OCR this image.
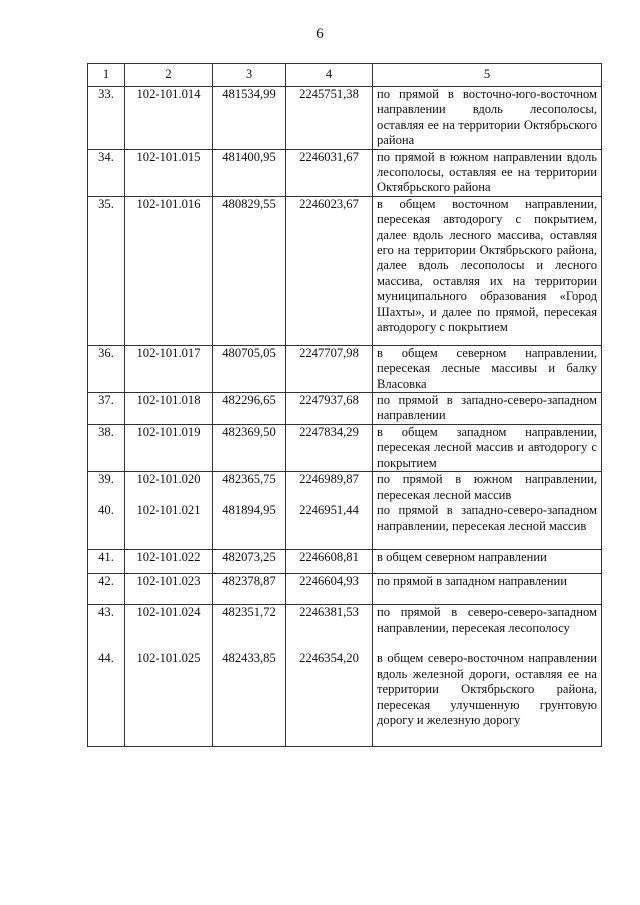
6
1	2	3	4	5
33.	102-101.014	481534,99	2245751,38	по прямой в восточно-юго-восточном направлении вдоль лесополосы, оставляя ее на территории Октябрьского района
34.	102-101.015	481400,95	2246031,67	по прямой в южном направлении вдоль лесополосы, оставляя ее на территории Октябрьского района
35.	102-101.016	480829,55	2246023,67	в общем восточном направлении, пересекая автодорогу с покрытием, далее вдоль лесного массива, оставляя его на территории Октябрьского района, далее вдоль лесополосы и лесного массива, оставляя их на территории муниципального образования «Город Шахты», и далее по прямой, пересекая автодорогу с покрытием
36.	102-101.017	480705,05	2247707,98	в общем северном направлении, пересекая лесные массивы и балку Власовка
37.	102-101.018	482296,65	2247937,68	по прямой в западно-северо-западном направлении
38.	102-101.019	482369,50	2247834,29	в общем западном направлении, пересекая лесной массив и автодорогу с покрытием
39.	102-101.020	482365,75	2246989,87	по прямой в южном направлении, пересекая лесной массив
40.	102-101.021	481894,95	2246951,44	по прямой в западно-северо-западном направлении, пересекая лесной массив
41.	102-101.022	482073,25	2246608,81	в общем северном направлении
42.	102-101.023	482378,87	2246604,93	по прямой в западном направлении
43.	102-101.024	482351,72	2246381,53	по прямой в северо-северо-западном направлении, пересекая лесополосу
44.	102-101.025	482433,85	2246354,20	в общем северо-восточном направлении вдоль железной дороги, оставляя ее на территории Октябрьского района, пересекая улучшенную грунтовую дорогу и железную дорогу
